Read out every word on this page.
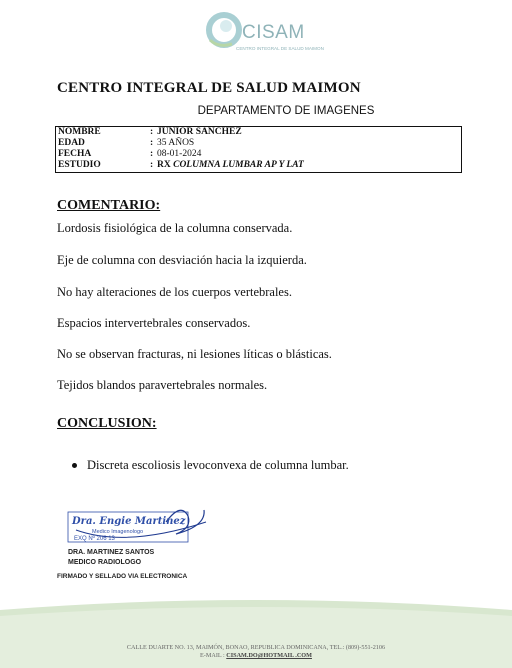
CISAM
CENTRO INTEGRAL DE SALUD MAIMON
CENTRO INTEGRAL DE SALUD MAIMON
DEPARTAMENTO DE IMAGENES
NOMBRE	: JUNIOR SANCHEZ
EDAD	: 35 AÑOS
FECHA	: 08-01-2024
ESTUDIO	: RX COLUMNA LUMBAR AP Y LAT
COMENTARIO:
Lordosis fisiológica de la columna conservada.
Eje de columna con desviación hacia la izquierda.
No hay alteraciones de los cuerpos vertebrales.
Espacios intervertebrales conservados.
No se observan fracturas, ni lesiones líticas o blásticas.
Tejidos blandos paravertebrales normales.
CONCLUSION:
Discreta escoliosis levoconvexa de columna lumbar.
Dra. Engie Martinez
Medico Imagenologo
EXQ Nº 206 13
DRA. MARTINEZ SANTOS
MEDICO RADIOLOGO
FIRMADO Y SELLADO VIA ELECTRONICA
CALLE DUARTE NO. 13, MAIMÓN, BONAO, REPUBLICA DOMINICANA, TEL.: (809)-551-2106
E-MAIL : CISAM.DO@HOTMAIL .COM
